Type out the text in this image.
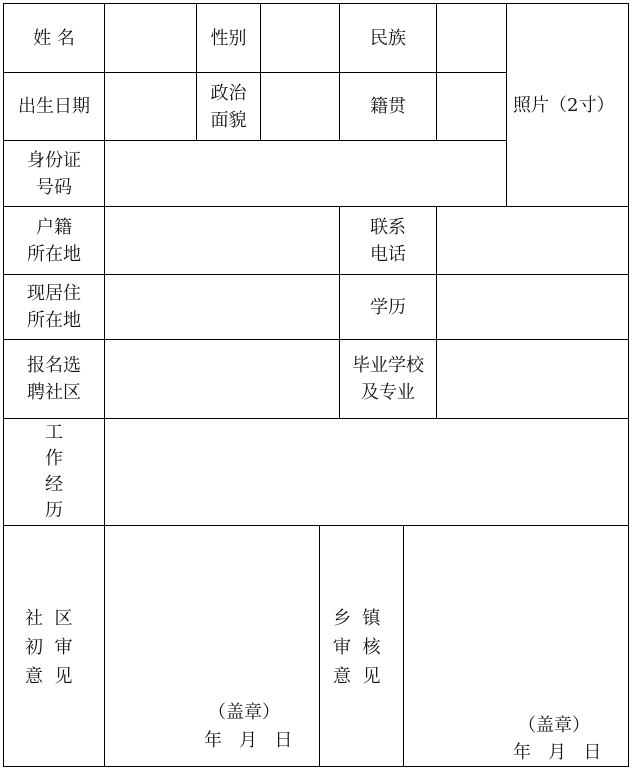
姓 名	性别	民族
照片（2寸）
出生日期
政治
面貌
籍贯
身份证
号码
户籍
所在地
联系
电话
现居住
所在地
学历
报名选
聘社区
毕业学校
及专业
工
作
经
历
社  区
初  审
意  见
（盖章）
年   月   日
乡  镇
审  核
意  见
（盖章）
年   月   日
